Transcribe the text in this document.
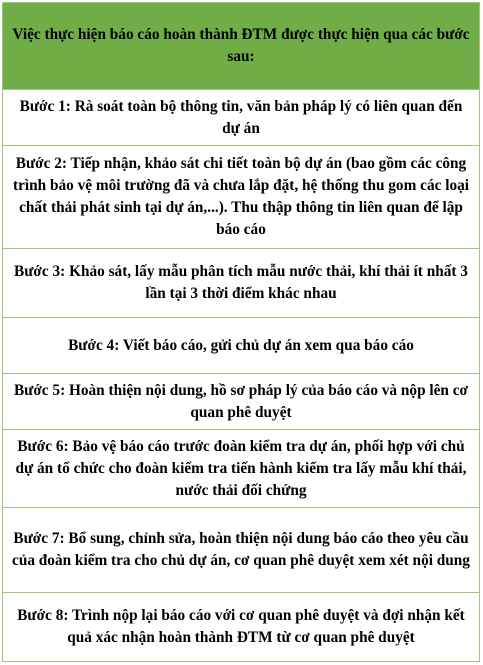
Việc thực hiện báo cáo hoàn thành ĐTM được thực hiện qua các bước sau:
Bước 1: Rà soát toàn bộ thông tin, văn bản pháp lý có liên quan đến dự án
Bước 2: Tiếp nhận, khảo sát chi tiết toàn bộ dự án (bao gồm các công trình bảo vệ môi trường đã và chưa lắp đặt, hệ thống thu gom các loại chất thải phát sinh tại dự án,...). Thu thập thông tin liên quan để lập báo cáo
Bước 3: Khảo sát, lấy mẫu phân tích mẫu nước thải, khí thải ít nhất 3 lần tại 3 thời điểm khác nhau
Bước 4: Viết báo cáo, gửi chủ dự án xem qua báo cáo
Bước 5: Hoàn thiện nội dung, hồ sơ pháp lý của báo cáo và nộp lên cơ quan phê duyệt
Bước 6: Bảo vệ báo cáo trước đoàn kiểm tra dự án, phối hợp với chủ dự án tổ chức cho đoàn kiểm tra tiến hành kiểm tra lấy mẫu khí thải, nước thải đối chứng
Bước 7: Bổ sung, chỉnh sửa, hoàn thiện nội dung báo cáo theo yêu cầu của đoàn kiểm tra cho chủ dự án, cơ quan phê duyệt xem xét nội dung
Bước 8: Trình nộp lại báo cáo với cơ quan phê duyệt và đợi nhận kết quả xác nhận hoàn thành ĐTM từ cơ quan phê duyệt
